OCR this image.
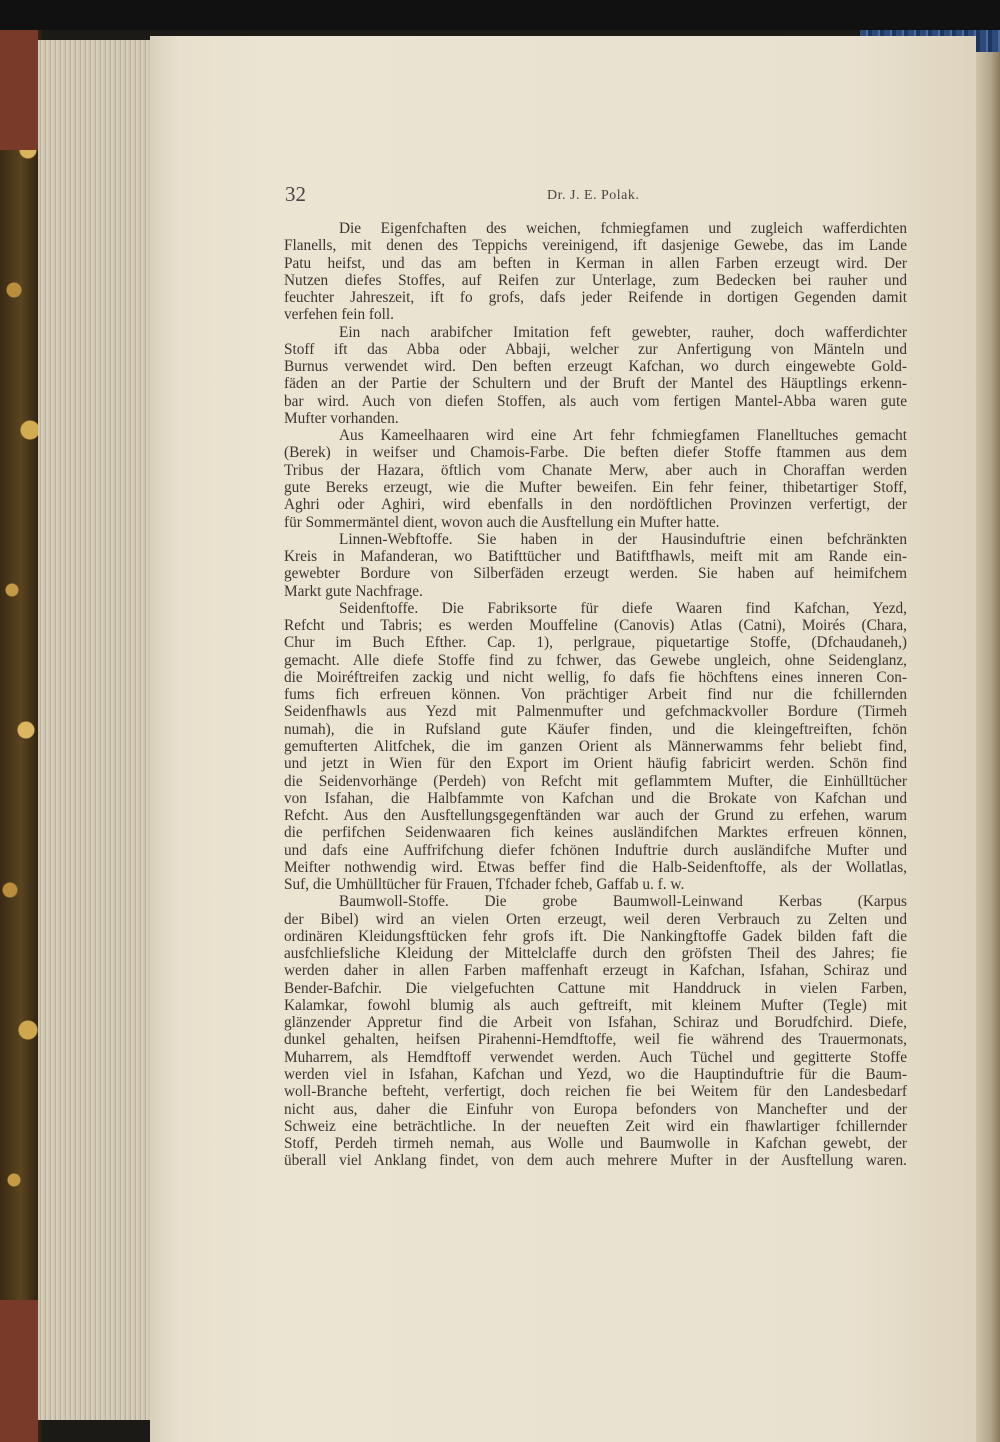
32	Dr. J. E. Polak.
Die Eigenfchaften des weichen, fchmiegfamen und zugleich wafferdichten
Flanells, mit denen des Teppichs vereinigend, ift dasjenige Gewebe, das im Lande
Patu heifst, und das am beften in Kerman in allen Farben erzeugt wird. Der
Nutzen diefes Stoffes, auf Reifen zur Unterlage, zum Bedecken bei rauher und
feuchter Jahreszeit, ift fo grofs, dafs jeder Reifende in dortigen Gegenden damit
verfehen fein foll.
Ein nach arabifcher Imitation feft gewebter, rauher, doch wafferdichter
Stoff ift das Abba oder Abbaji, welcher zur Anfertigung von Mänteln und
Burnus verwendet wird. Den beften erzeugt Kafchan, wo durch eingewebte Gold-
fäden an der Partie der Schultern und der Bruft der Mantel des Häuptlings erkenn-
bar wird. Auch von diefen Stoffen, als auch vom fertigen Mantel-Abba waren gute
Mufter vorhanden.
Aus Kameelhaaren wird eine Art fehr fchmiegfamen Flanelltuches gemacht
(Berek) in weifser und Chamois-Farbe. Die beften diefer Stoffe ftammen aus dem
Tribus der Hazara, öftlich vom Chanate Merw, aber auch in Choraffan werden
gute Bereks erzeugt, wie die Mufter beweifen. Ein fehr feiner, thibetartiger Stoff,
Aghri oder Aghiri, wird ebenfalls in den nordöftlichen Provinzen verfertigt, der
für Sommermäntel dient, wovon auch die Ausftellung ein Mufter hatte.
Linnen-Webftoffe. Sie haben in der Hausinduftrie einen befchränkten
Kreis in Mafanderan, wo Batifttücher und Batiftfhawls, meift mit am Rande ein-
gewebter Bordure von Silberfäden erzeugt werden. Sie haben auf heimifchem
Markt gute Nachfrage.
Seidenftoffe. Die Fabriksorte für diefe Waaren find Kafchan, Yezd,
Refcht und Tabris; es werden Mouffeline (Canovis) Atlas (Catni), Moirés (Chara,
Chur im Buch Efther. Cap. 1), perlgraue, piquetartige Stoffe, (Dfchaudaneh,)
gemacht. Alle diefe Stoffe find zu fchwer, das Gewebe ungleich, ohne Seidenglanz,
die Moiréftreifen zackig und nicht wellig, fo dafs fie höchftens eines inneren Con-
fums fich erfreuen können. Von prächtiger Arbeit find nur die fchillernden
Seidenfhawls aus Yezd mit Palmenmufter und gefchmackvoller Bordure (Tirmeh
numah), die in Rufsland gute Käufer finden, und die kleingeftreiften, fchön
gemufterten Alitfchek, die im ganzen Orient als Männerwamms fehr beliebt find,
und jetzt in Wien für den Export im Orient häufig fabricirt werden. Schön find
die Seidenvorhänge (Perdeh) von Refcht mit geflammtem Mufter, die Einhülltücher
von Isfahan, die Halbfammte von Kafchan und die Brokate von Kafchan und
Refcht. Aus den Ausftellungsgegenftänden war auch der Grund zu erfehen, warum
die perfifchen Seidenwaaren fich keines ausländifchen Marktes erfreuen können,
und dafs eine Auffrifchung diefer fchönen Induftrie durch ausländifche Mufter und
Meifter nothwendig wird. Etwas beffer find die Halb-Seidenftoffe, als der Wollatlas,
Suf, die Umhülltücher für Frauen, Tfchader fcheb, Gaffab u. f. w.
Baumwoll-Stoffe. Die grobe Baumwoll-Leinwand Kerbas (Karpus
der Bibel) wird an vielen Orten erzeugt, weil deren Verbrauch zu Zelten und
ordinären Kleidungsftücken fehr grofs ift. Die Nankingftoffe Gadek bilden faft die
ausfchliefsliche Kleidung der Mittelclaffe durch den gröfsten Theil des Jahres; fie
werden daher in allen Farben maffenhaft erzeugt in Kafchan, Isfahan, Schiraz und
Bender-Bafchir. Die vielgefuchten Cattune mit Handdruck in vielen Farben,
Kalamkar, fowohl blumig als auch geftreift, mit kleinem Mufter (Tegle) mit
glänzender Appretur find die Arbeit von Isfahan, Schiraz und Borudfchird. Diefe,
dunkel gehalten, heifsen Pirahenni-Hemdftoffe, weil fie während des Trauermonats,
Muharrem, als Hemdftoff verwendet werden. Auch Tüchel und gegitterte Stoffe
werden viel in Isfahan, Kafchan und Yezd, wo die Hauptinduftrie für die Baum-
woll-Branche befteht, verfertigt, doch reichen fie bei Weitem für den Landesbedarf
nicht aus, daher die Einfuhr von Europa befonders von Manchefter und der
Schweiz eine beträchtliche. In der neueften Zeit wird ein fhawlartiger fchillernder
Stoff, Perdeh tirmeh nemah, aus Wolle und Baumwolle in Kafchan gewebt, der
überall viel Anklang findet, von dem auch mehrere Mufter in der Ausftellung waren.
